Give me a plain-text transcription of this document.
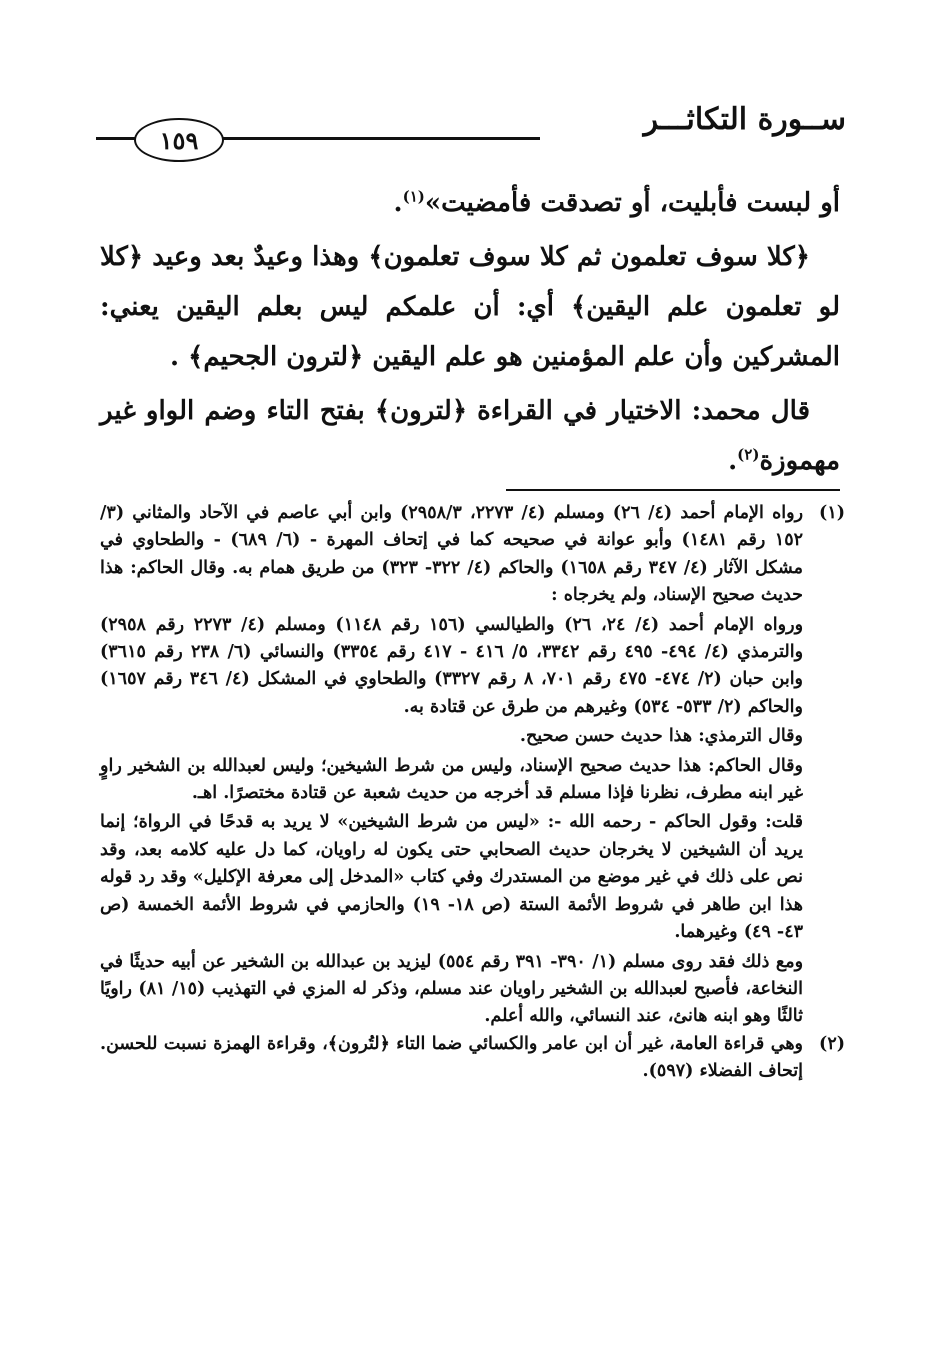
ســورة التكاثـــر
١٥٩

أو لبست فأبليت، أو تصدقت فأمضيت»$^{(١)}$.

﴿كلا سوف تعلمون ثم كلا سوف تعلمون﴾ وهذا وعيدٌ بعد وعيد ﴿كلا لو تعلمون علم اليقين﴾ أي: أن علمكم ليس بعلم اليقين يعني: المشركين وأن علم المؤمنين هو علم اليقين ﴿لترون الجحيم﴾ .

قال محمد: الاختيار في القراءة ﴿لترون﴾ بفتح التاء وضم الواو غير مهموزة$^{(٢)}$.

(١)

رواه الإمام أحمد (٤/ ٢٦) ومسلم (٤/ ٢٢٧٣، ٢٩٥٨/٣) وابن أبي عاصم في الآحاد والمثاني (٣/ ١٥٢ رقم ١٤٨١) وأبو عوانة في صحيحه كما في إتحاف المهرة - (٦/ ٦٨٩) - والطحاوي في مشكل الآثار (٤/ ٣٤٧ رقم ١٦٥٨) والحاكم (٤/ ٣٢٢- ٣٢٣) من طريق همام به. وقال الحاكم: هذا حديث صحيح الإسناد، ولم يخرجاه :

ورواه الإمام أحمد (٤/ ٢٤، ٢٦) والطيالسي (١٥٦ رقم ١١٤٨) ومسلم (٤/ ٢٢٧٣ رقم ٢٩٥٨) والترمذي (٤/ ٤٩٤- ٤٩٥ رقم ٣٣٤٢، ٥/ ٤١٦ - ٤١٧ رقم ٣٣٥٤) والنسائي (٦/ ٢٣٨ رقم ٣٦١٥) وابن حبان (٢/ ٤٧٤- ٤٧٥ رقم ٧٠١، ٨ رقم ٣٣٢٧) والطحاوي في المشكل (٤/ ٣٤٦ رقم ١٦٥٧) والحاكم (٢/ ٥٣٣- ٥٣٤) وغيرهم من طرق عن قتادة به.

وقال الترمذي: هذا حديث حسن صحيح.

وقال الحاكم: هذا حديث صحيح الإسناد، وليس من شرط الشيخين؛ وليس لعبدالله بن الشخير راوٍ غير ابنه مطرف، نظرنا فإذا مسلم قد أخرجه من حديث شعبة عن قتادة مختصرًا. اهـ.

قلت: وقول الحاكم - رحمه الله -: «ليس من شرط الشيخين» لا يريد به قدحًا في الرواة؛ إنما يريد أن الشيخين لا يخرجان حديث الصحابي حتى يكون له راويان، كما دل عليه كلامه بعد، وقد نص على ذلك في غير موضع من المستدرك وفي كتاب «المدخل إلى معرفة الإكليل» وقد رد قوله هذا ابن طاهر في شروط الأئمة الستة (ص ١٨- ١٩) والحازمي في شروط الأئمة الخمسة (ص ٤٣- ٤٩) وغيرهما.

ومع ذلك فقد روى مسلم (١/ ٣٩٠- ٣٩١ رقم ٥٥٤) ليزيد بن عبدالله بن الشخير عن أبيه حديثًا في النخاعة، فأصبح لعبدالله بن الشخير راويان عند مسلم، وذكر له المزي في التهذيب (١٥/ ٨١) راويًا ثالثًا وهو ابنه هانئ، عند النسائي، والله أعلم.

(٢)

وهي قراءة العامة، غير أن ابن عامر والكسائي ضما التاء ﴿لتُرون﴾، وقراءة الهمزة نسبت للحسن. إتحاف الفضلاء (٥٩٧).
